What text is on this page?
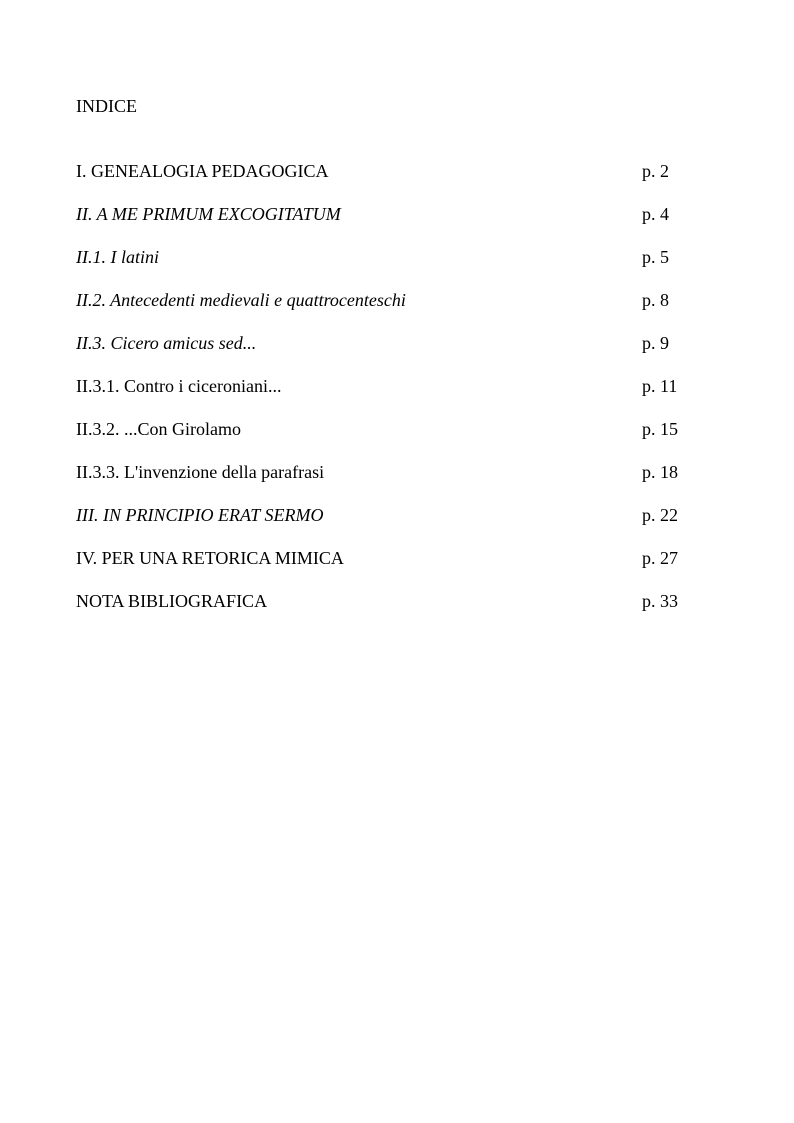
INDICE
I. GENEALOGIA PEDAGOGICA	p. 2
II. A ME PRIMUM EXCOGITATUM	p. 4
II.1. I latini	p. 5
II.2. Antecedenti medievali e quattrocenteschi	p. 8
II.3. Cicero amicus sed...	p. 9
II.3.1. Contro i ciceroniani...	p. 11
II.3.2. ...Con Girolamo	p. 15
II.3.3. L'invenzione della parafrasi	p. 18
III. IN PRINCIPIO ERAT SERMO	p. 22
IV. PER UNA RETORICA MIMICA	p. 27
NOTA BIBLIOGRAFICA	p. 33
